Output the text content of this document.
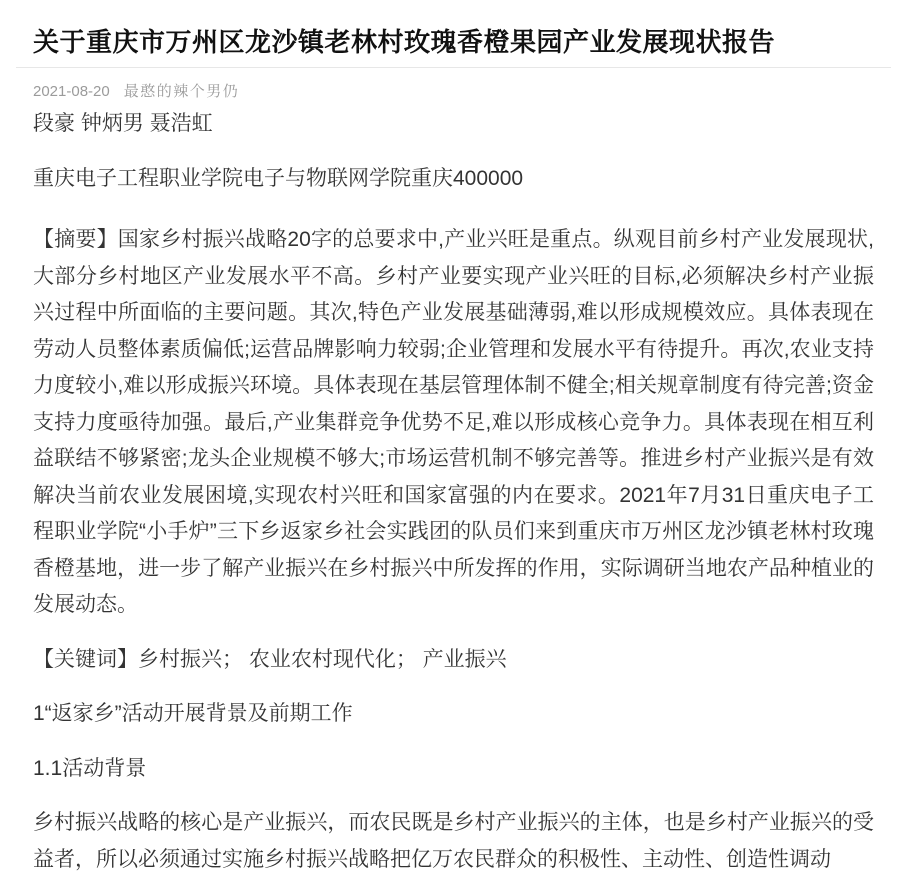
关于重庆市万州区龙沙镇老林村玫瑰香橙果园产业发展现状报告
2021-08-20 最憨的辣个男仍

段豪 钟炳男 聂浩虹

重庆电子工程职业学院电子与物联网学院重庆400000

【摘要】国家乡村振兴战略20字的总要求中,产业兴旺是重点。纵观目前乡村产业发展现状,大部分乡村地区产业发展水平不高。乡村产业要实现产业兴旺的目标,必须解决乡村产业振兴过程中所面临的主要问题。其次,特色产业发展基础薄弱,难以形成规模效应。具体表现在劳动人员整体素质偏低;运营品牌影响力较弱;企业管理和发展水平有待提升。再次,农业支持力度较小,难以形成振兴环境。具体表现在基层管理体制不健全;相关规章制度有待完善;资金支持力度亟待加强。最后,产业集群竞争优势不足,难以形成核心竞争力。具体表现在相互利益联结不够紧密;龙头企业规模不够大;市场运营机制不够完善等。推进乡村产业振兴是有效解决当前农业发展困境,实现农村兴旺和国家富强的内在要求。2021年7月31日重庆电子工程职业学院“小手炉”三下乡返家乡社会实践团的队员们来到重庆市万州区龙沙镇老林村玫瑰香橙基地，进一步了解产业振兴在乡村振兴中所发挥的作用，实际调研当地农产品种植业的发展动态。

【关键词】乡村振兴； 农业农村现代化； 产业振兴

1“返家乡”活动开展背景及前期工作

1.1活动背景

乡村振兴战略的核心是产业振兴，而农民既是乡村产业振兴的主体，也是乡村产业振兴的受益者，所以必须通过实施乡村振兴战略把亿万农民群众的积极性、主动性、创造性调动
